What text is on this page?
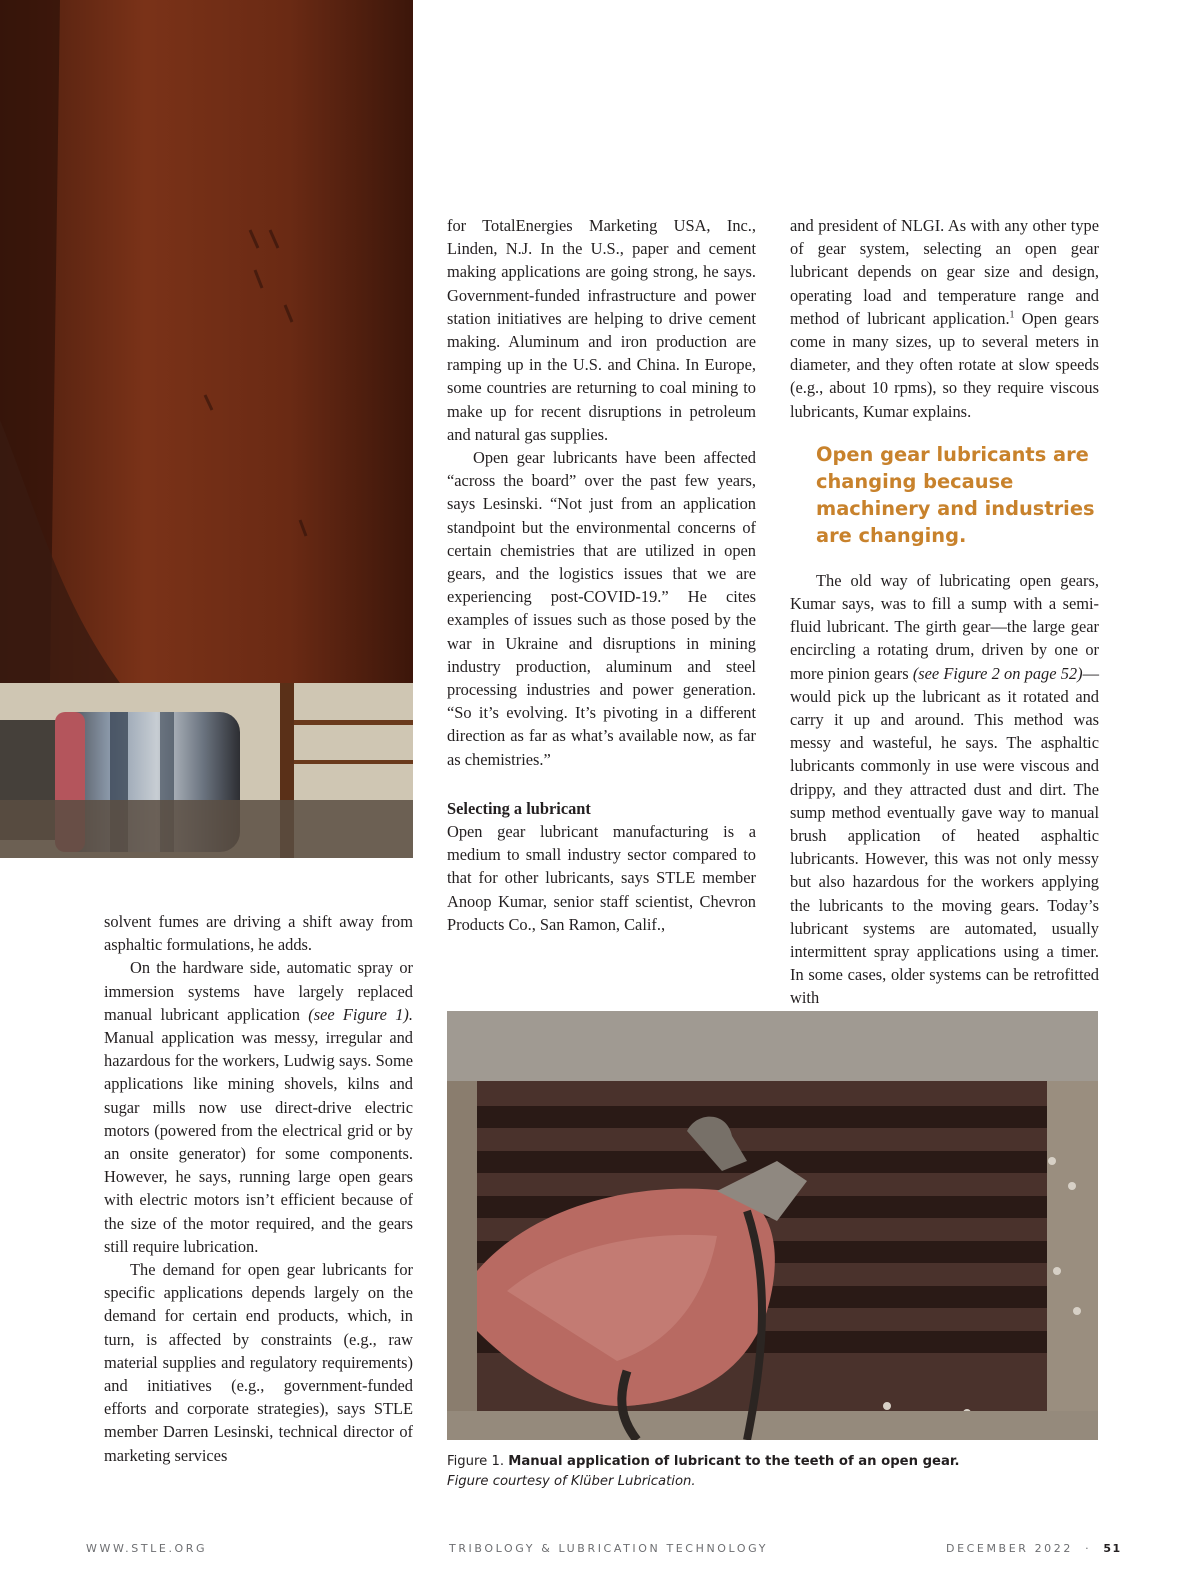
solvent fumes are driving a shift away from asphaltic formulations, he adds.

On the hardware side, automatic spray or immersion systems have largely replaced manual lubricant application (see Figure 1). Manual application was messy, irregular and hazardous for the workers, Ludwig says. Some applications like mining shovels, kilns and sugar mills now use direct-drive electric motors (powered from the electrical grid or by an onsite generator) for some components. However, he says, running large open gears with electric motors isn’t efficient because of the size of the motor required, and the gears still require lubrication.

The demand for open gear lubricants for specific applications depends largely on the demand for certain end products, which, in turn, is affected by constraints (e.g., raw material supplies and regulatory requirements) and initiatives (e.g., government-funded efforts and corporate strategies), says STLE member Darren Lesinski, technical director of marketing services

for TotalEnergies Marketing USA, Inc., Linden, N.J. In the U.S., paper and cement making applications are going strong, he says. Government-funded infrastructure and power station initiatives are helping to drive cement making. Aluminum and iron production are ramping up in the U.S. and China. In Europe, some countries are returning to coal mining to make up for recent disruptions in petroleum and natural gas supplies.

Open gear lubricants have been affected “across the board” over the past few years, says Lesinski. “Not just from an application standpoint but the environmental concerns of certain chemistries that are utilized in open gears, and the logistics issues that we are experiencing post-COVID-19.” He cites examples of issues such as those posed by the war in Ukraine and disruptions in mining industry production, aluminum and steel processing industries and power generation. “So it’s evolving. It’s pivoting in a different direction as far as what’s available now, as far as chemistries.”

Selecting a lubricant

Open gear lubricant manufacturing is a medium to small industry sector compared to that for other lubricants, says STLE member Anoop Kumar, senior staff scientist, Chevron Products Co., San Ramon, Calif.,

and president of NLGI. As with any other type of gear system, selecting an open gear lubricant depends on gear size and design, operating load and temperature range and method of lubricant application.$^1$ Open gears come in many sizes, up to several meters in diameter, and they often rotate at slow speeds (e.g., about 10 rpms), so they require viscous lubricants, Kumar explains.

Open gear lubricants are changing because machinery and industries are changing.

The old way of lubricating open gears, Kumar says, was to fill a sump with a semi-fluid lubricant. The girth gear—the large gear encircling a rotating drum, driven by one or more pinion gears (see Figure 2 on page 52)—would pick up the lubricant as it rotated and carry it up and around. This method was messy and wasteful, he says. The asphaltic lubricants commonly in use were viscous and drippy, and they attracted dust and dirt. The sump method eventually gave way to manual brush application of heated asphaltic lubricants. However, this was not only messy but also hazardous for the workers applying the lubricants to the moving gears. Today’s lubricant systems are automated, usually intermittent spray applications using a timer. In some cases, older systems can be retrofitted with

Figure 1. Manual application of lubricant to the teeth of an open gear.
Figure courtesy of Klüber Lubrication.
WWW.STLE.ORG	TRIBOLOGY & LUBRICATION TECHNOLOGY	DECEMBER 2022 · 51
